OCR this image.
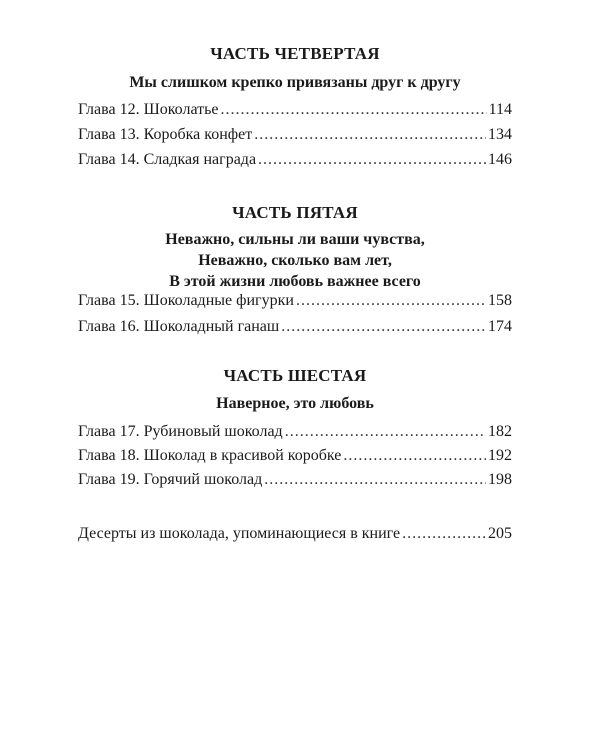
ЧАСТЬ ЧЕТВЕРТАЯ
Мы слишком крепко привязаны друг к другу
Глава 12. Шоколатье .....	114
Глава 13. Коробка конфет .....	134
Глава 14. Сладкая награда .....	146
ЧАСТЬ ПЯТАЯ
Неважно, сильны ли ваши чувства,
Неважно, сколько вам лет,
В этой жизни любовь важнее всего
Глава 15. Шоколадные фигурки .....	158
Глава 16. Шоколадный ганаш .....	174
ЧАСТЬ ШЕСТАЯ
Наверное, это любовь
Глава 17. Рубиновый шоколад .....	182
Глава 18. Шоколад в красивой коробке .....	192
Глава 19. Горячий шоколад .....	198
Десерты из шоколада, упоминающиеся в книге .....	205
